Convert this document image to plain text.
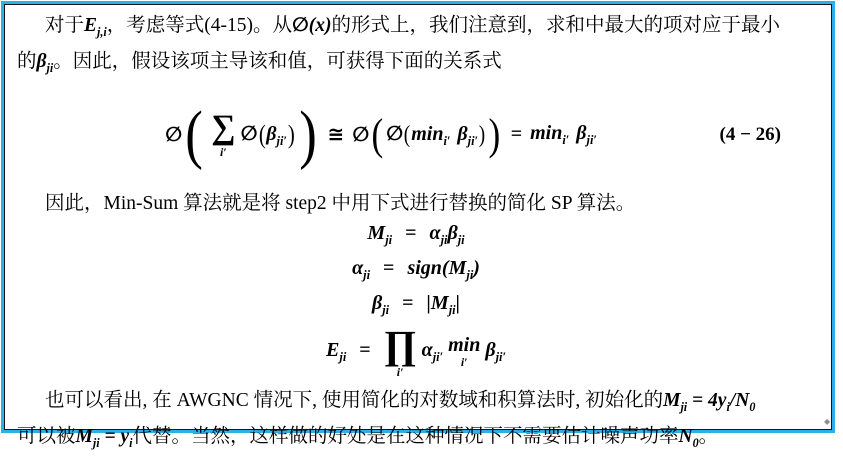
对于$E_{j,i}$，考虑等式(4-15)。从∅(x)的形式上，我们注意到，求和中最大的项对应于最小
的$\beta_{ji}$。因此，假设该项主导该和值，可获得下面的关系式
∅ ( ∑
i′
$\emptyset(\beta_{ji'})$ ) ≅ ∅ ( $\emptyset(\min_{i'}$ $\beta_{ji'}$) ) = $\min_{i'} \beta_{ji'}$	(4 − 26)
因此，Min-Sum 算法就是将 step2 中用下式进行替换的简化 SP 算法。
$M_{ji} = \alpha_{ji}\beta_{ji}$
$\alpha_{ji}$ = $sign(M_{ji})$
$\beta_{ji} = |M_{ji}|$
$E_{ji}$ = ∏
i′
$\alpha_{ji'}$
min
i′
$\beta_{ji'}$
也可以看出, 在 AWGNC 情况下, 使用简化的对数域和积算法时, 初始化的$M_{ji} = 4y_i/N_0$
可以被$M_{ji} = y_i$代替。当然，这样做的好处是在这种情况下不需要估计噪声功率$N_0$。
◆
